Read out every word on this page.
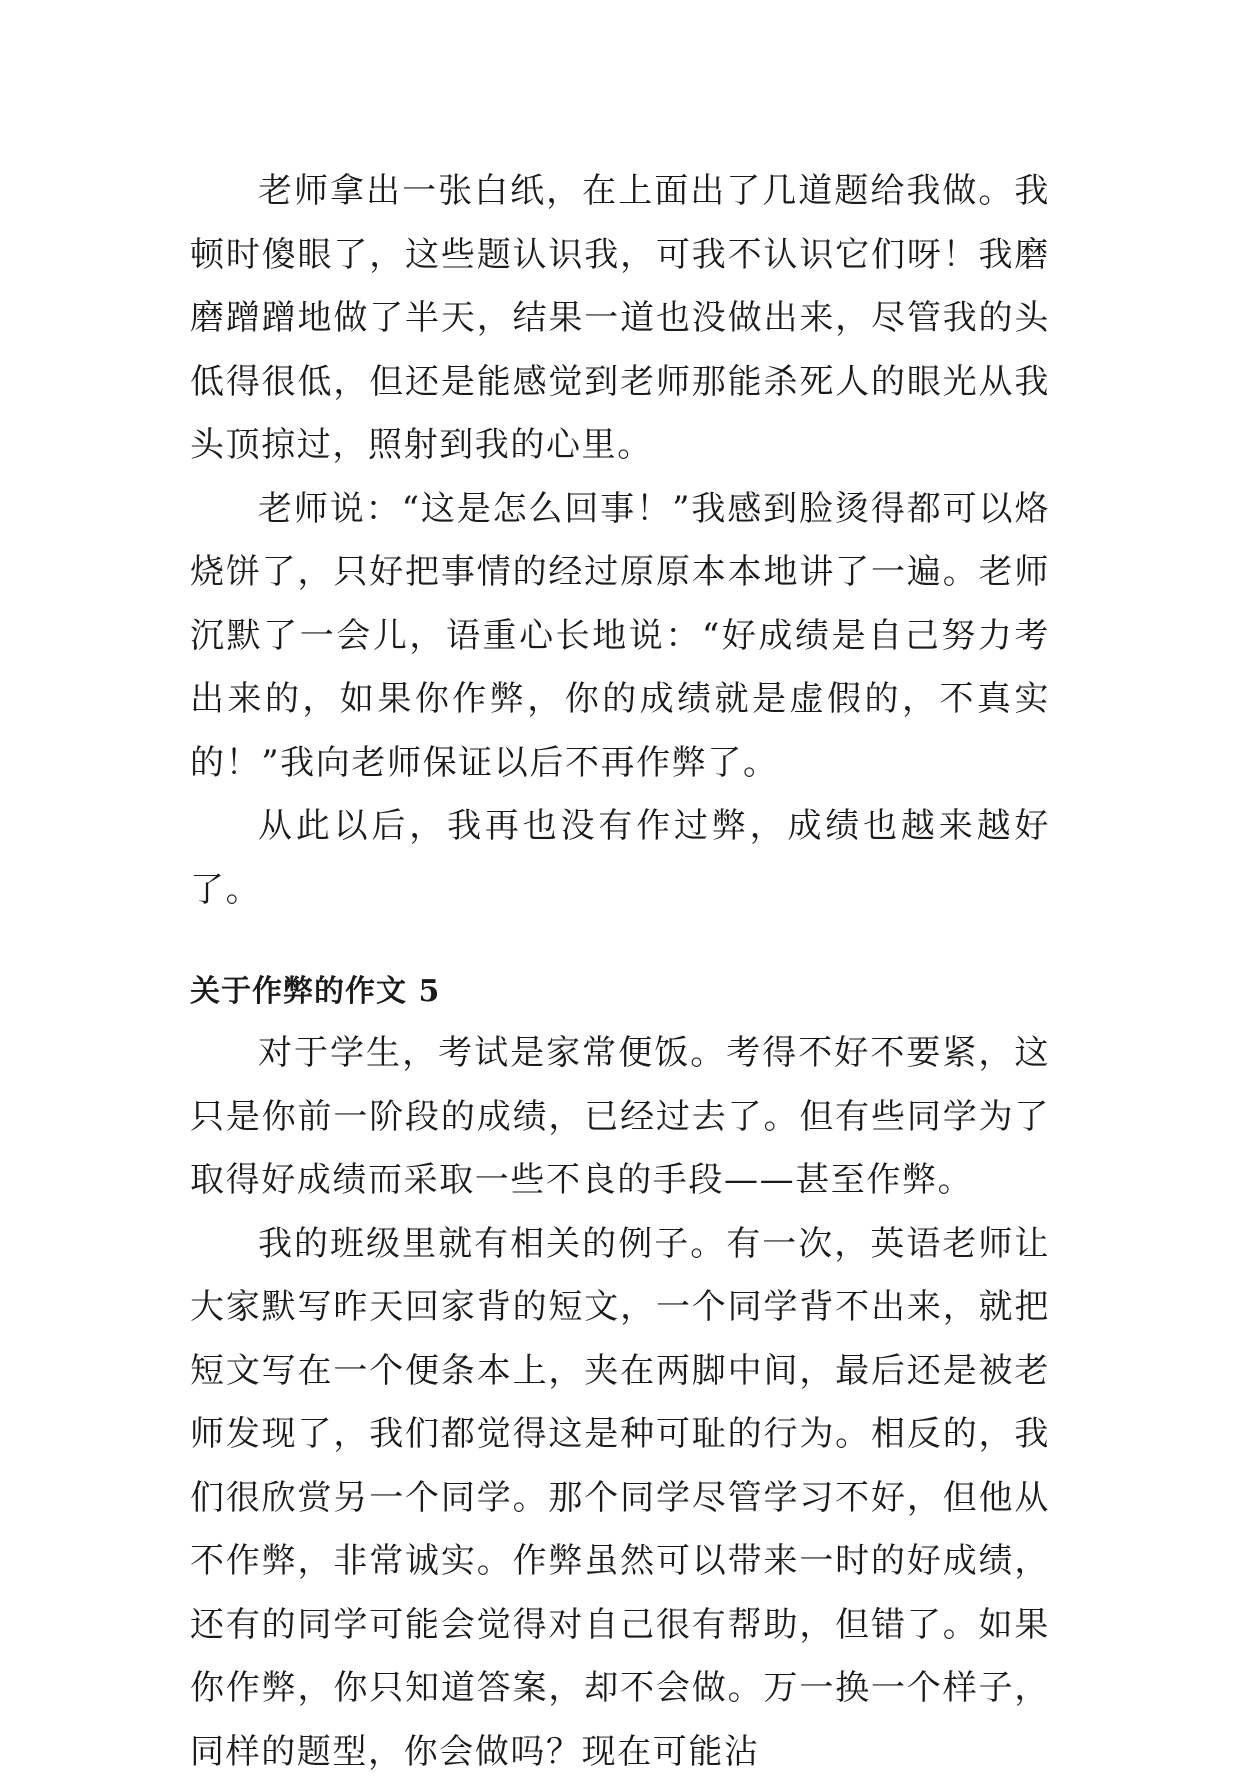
老师拿出一张白纸，在上面出了几道题给我做。我顿时傻眼了，这些题认识我，可我不认识它们呀！我磨磨蹭蹭地做了半天，结果一道也没做出来，尽管我的头低得很低，但还是能感觉到老师那能杀死人的眼光从我头顶掠过，照射到我的心里。

老师说：“这是怎么回事！”我感到脸烫得都可以烙烧饼了，只好把事情的经过原原本本地讲了一遍。老师沉默了一会儿，语重心长地说：“好成绩是自己努力考出来的，如果你作弊，你的成绩就是虚假的，不真实的！”我向老师保证以后不再作弊了。

从此以后，我再也没有作过弊，成绩也越来越好了。

关于作弊的作文 5

对于学生，考试是家常便饭。考得不好不要紧，这只是你前一阶段的成绩，已经过去了。但有些同学为了取得好成绩而采取一些不良的手段——甚至作弊。

我的班级里就有相关的例子。有一次，英语老师让大家默写昨天回家背的短文，一个同学背不出来，就把短文写在一个便条本上，夹在两脚中间，最后还是被老师发现了，我们都觉得这是种可耻的行为。相反的，我们很欣赏另一个同学。那个同学尽管学习不好，但他从不作弊，非常诚实。作弊虽然可以带来一时的好成绩，还有的同学可能会觉得对自己很有帮助，但错了。如果你作弊，你只知道答案，却不会做。万一换一个样子，同样的题型，你会做吗？现在可能沾
